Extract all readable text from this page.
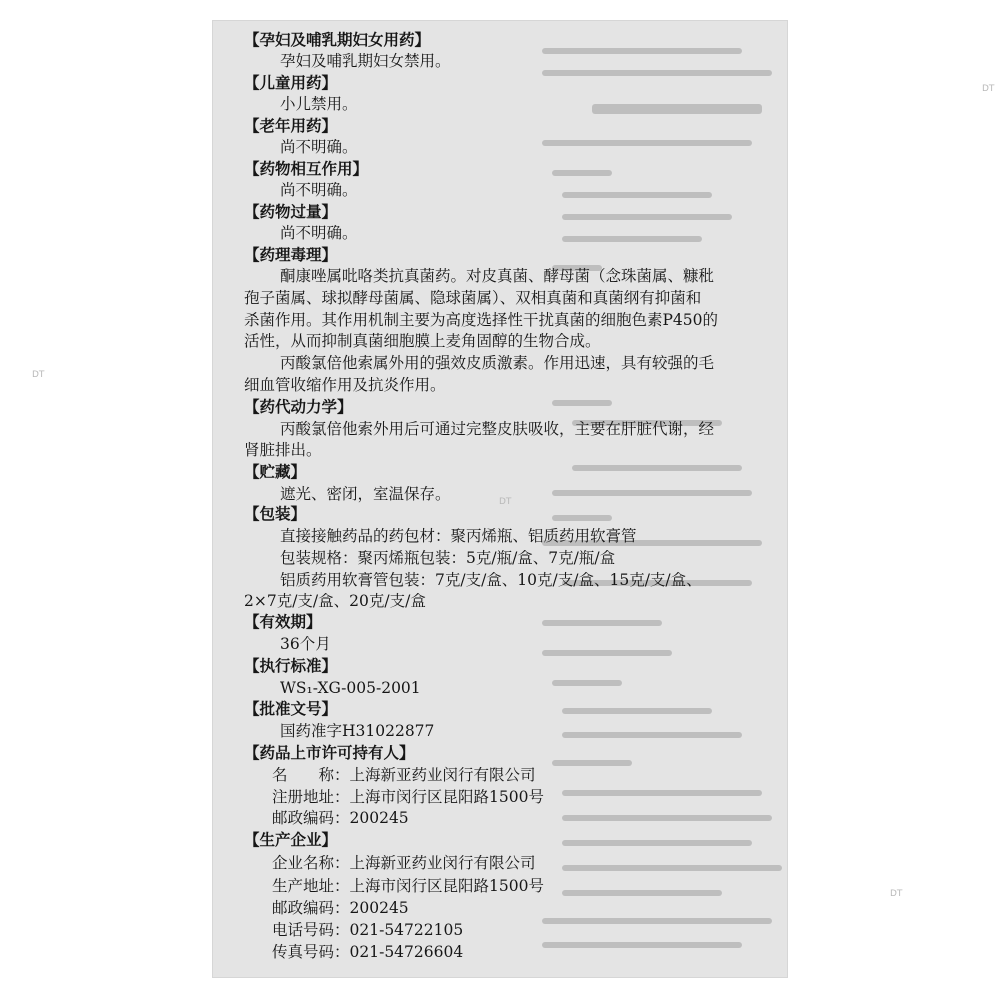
DT
DT
DT
DT
【孕妇及哺乳期妇女用药】
孕妇及哺乳期妇女禁用。
【儿童用药】
小儿禁用。
【老年用药】
尚不明确。
【药物相互作用】
尚不明确。
【药物过量】
尚不明确。
【药理毒理】
酮康唑属吡咯类抗真菌药。对皮真菌、酵母菌（念珠菌属、糠秕
孢子菌属、球拟酵母菌属、隐球菌属）、双相真菌和真菌纲有抑菌和
杀菌作用。其作用机制主要为高度选择性干扰真菌的细胞色素P450的
活性，从而抑制真菌细胞膜上麦角固醇的生物合成。
丙酸氯倍他索属外用的强效皮质激素。作用迅速，具有较强的毛
细血管收缩作用及抗炎作用。
【药代动力学】
丙酸氯倍他索外用后可通过完整皮肤吸收，主要在肝脏代谢，经
肾脏排出。
【贮藏】
遮光、密闭，室温保存。
【包装】
直接接触药品的药包材：聚丙烯瓶、铝质药用软膏管
包装规格：聚丙烯瓶包装：5克/瓶/盒、7克/瓶/盒
铝质药用软膏管包装：7克/支/盒、10克/支/盒、15克/支/盒、
2×7克/支/盒、20克/支/盒
【有效期】
36个月
【执行标准】
WS₁-XG-005-2001
【批准文号】
国药准字H31022877
【药品上市许可持有人】
名　　称：上海新亚药业闵行有限公司
注册地址：上海市闵行区昆阳路1500号
邮政编码：200245
【生产企业】
企业名称：上海新亚药业闵行有限公司
生产地址：上海市闵行区昆阳路1500号
邮政编码：200245
电话号码：021-54722105
传真号码：021-54726604
